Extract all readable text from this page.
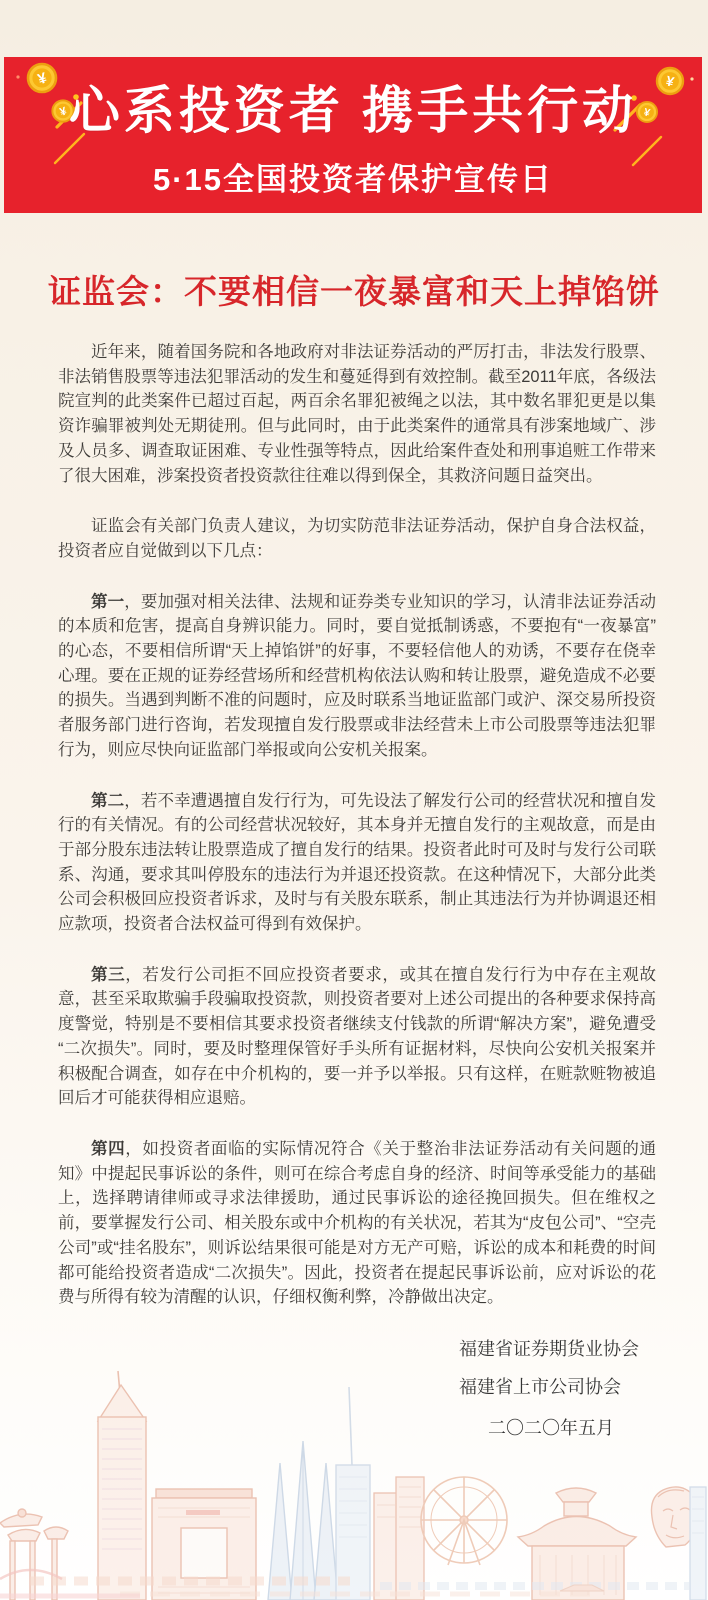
¥
¥
¥
¥
心系投资者 携手共行动
5·15全国投资者保护宣传日
证监会：不要相信一夜暴富和天上掉馅饼

近年来，随着国务院和各地政府对非法证券活动的严厉打击，非法发行股票、非法销售股票等违法犯罪活动的发生和蔓延得到有效控制。截至2011年底，各级法院宣判的此类案件已超过百起，两百余名罪犯被绳之以法，其中数名罪犯更是以集资诈骗罪被判处无期徒刑。但与此同时，由于此类案件的通常具有涉案地域广、涉及人员多、调查取证困难、专业性强等特点，因此给案件查处和刑事追赃工作带来了很大困难，涉案投资者投资款往往难以得到保全，其救济问题日益突出。

证监会有关部门负责人建议，为切实防范非法证券活动，保护自身合法权益，投资者应自觉做到以下几点：

第一，要加强对相关法律、法规和证券类专业知识的学习，认清非法证券活动的本质和危害，提高自身辨识能力。同时，要自觉抵制诱惑，不要抱有“一夜暴富”的心态，不要相信所谓“天上掉馅饼”的好事，不要轻信他人的劝诱，不要存在侥幸心理。要在正规的证券经营场所和经营机构依法认购和转让股票，避免造成不必要的损失。当遇到判断不准的问题时，应及时联系当地证监部门或沪、深交易所投资者服务部门进行咨询，若发现擅自发行股票或非法经营未上市公司股票等违法犯罪行为，则应尽快向证监部门举报或向公安机关报案。

第二，若不幸遭遇擅自发行行为，可先设法了解发行公司的经营状况和擅自发行的有关情况。有的公司经营状况较好，其本身并无擅自发行的主观故意，而是由于部分股东违法转让股票造成了擅自发行的结果。投资者此时可及时与发行公司联系、沟通，要求其叫停股东的违法行为并退还投资款。在这种情况下，大部分此类公司会积极回应投资者诉求，及时与有关股东联系，制止其违法行为并协调退还相应款项，投资者合法权益可得到有效保护。

第三，若发行公司拒不回应投资者要求，或其在擅自发行行为中存在主观故意，甚至采取欺骗手段骗取投资款，则投资者要对上述公司提出的各种要求保持高度警觉，特别是不要相信其要求投资者继续支付钱款的所谓“解决方案”，避免遭受“二次损失”。同时，要及时整理保管好手头所有证据材料，尽快向公安机关报案并积极配合调查，如存在中介机构的，要一并予以举报。只有这样，在赃款赃物被追回后才可能获得相应退赔。

第四，如投资者面临的实际情况符合《关于整治非法证券活动有关问题的通知》中提起民事诉讼的条件，则可在综合考虑自身的经济、时间等承受能力的基础上，选择聘请律师或寻求法律援助，通过民事诉讼的途径挽回损失。但在维权之前，要掌握发行公司、相关股东或中介机构的有关状况，若其为“皮包公司”、“空壳公司”或“挂名股东”，则诉讼结果很可能是对方无产可赔，诉讼的成本和耗费的时间都可能给投资者造成“二次损失”。因此，投资者在提起民事诉讼前，应对诉讼的花费与所得有较为清醒的认识，仔细权衡利弊，冷静做出决定。

福建省证券期货业协会
福建省上市公司协会
二〇二〇年五月
